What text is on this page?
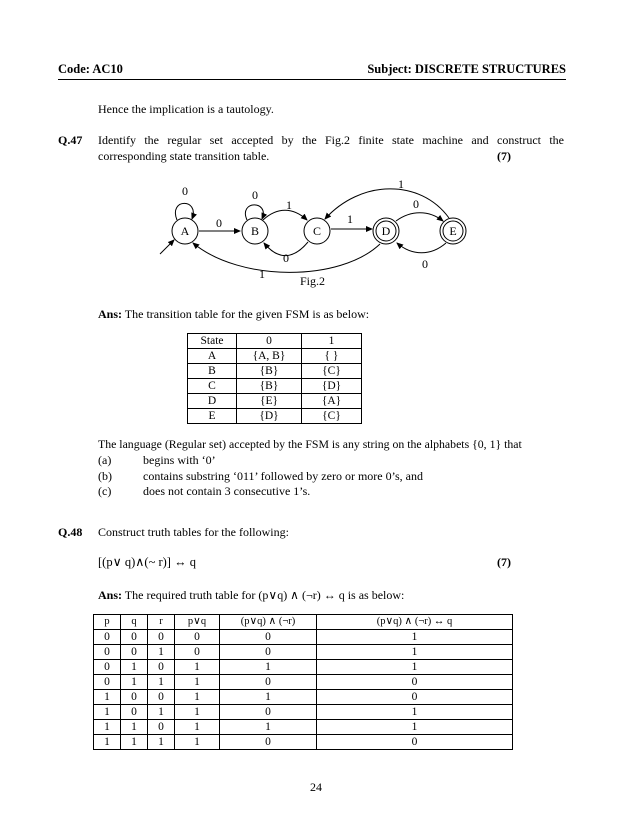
Code: AC10	Subject: DISCRETE STRUCTURES
Hence the implication is a tautology.
Q.47 Identify the regular set accepted by the Fig.2 finite state machine and construct the
corresponding state transition table.	(7)
A	B	C	D	E
0
0
0
1
0
1
0
0
1
1	Fig.2
Ans: The transition table for the given FSM is as below:
State	0	1
A	{A, B}	{ }
B	{B}	{C}
C	{B}	{D}
D	{E}	{A}
E	{D}	{C}
The language (Regular set) accepted by the FSM is any string on the alphabets {0, 1} that
(a)	begins with ‘0’
(b)	contains substring ‘011’ followed by zero or more 0’s, and
(c)	does not contain 3 consecutive 1’s.
Q.48 Construct truth tables for the following:
[(p∨ q)∧(~ r)] ↔ q	(7)
Ans: The required truth table for (p∨q) ∧ (¬r) ↔ q is as below:
p	q	r	p∨q	(p∨q) ∧ (¬r)	(p∨q) ∧ (¬r) ↔ q
0	0	0	0	0	1
0	0	1	0	0	1
0	1	0	1	1	1
0	1	1	1	0	0
1	0	0	1	1	0
1	0	1	1	0	1
1	1	0	1	1	1
1	1	1	1	0	0
24
